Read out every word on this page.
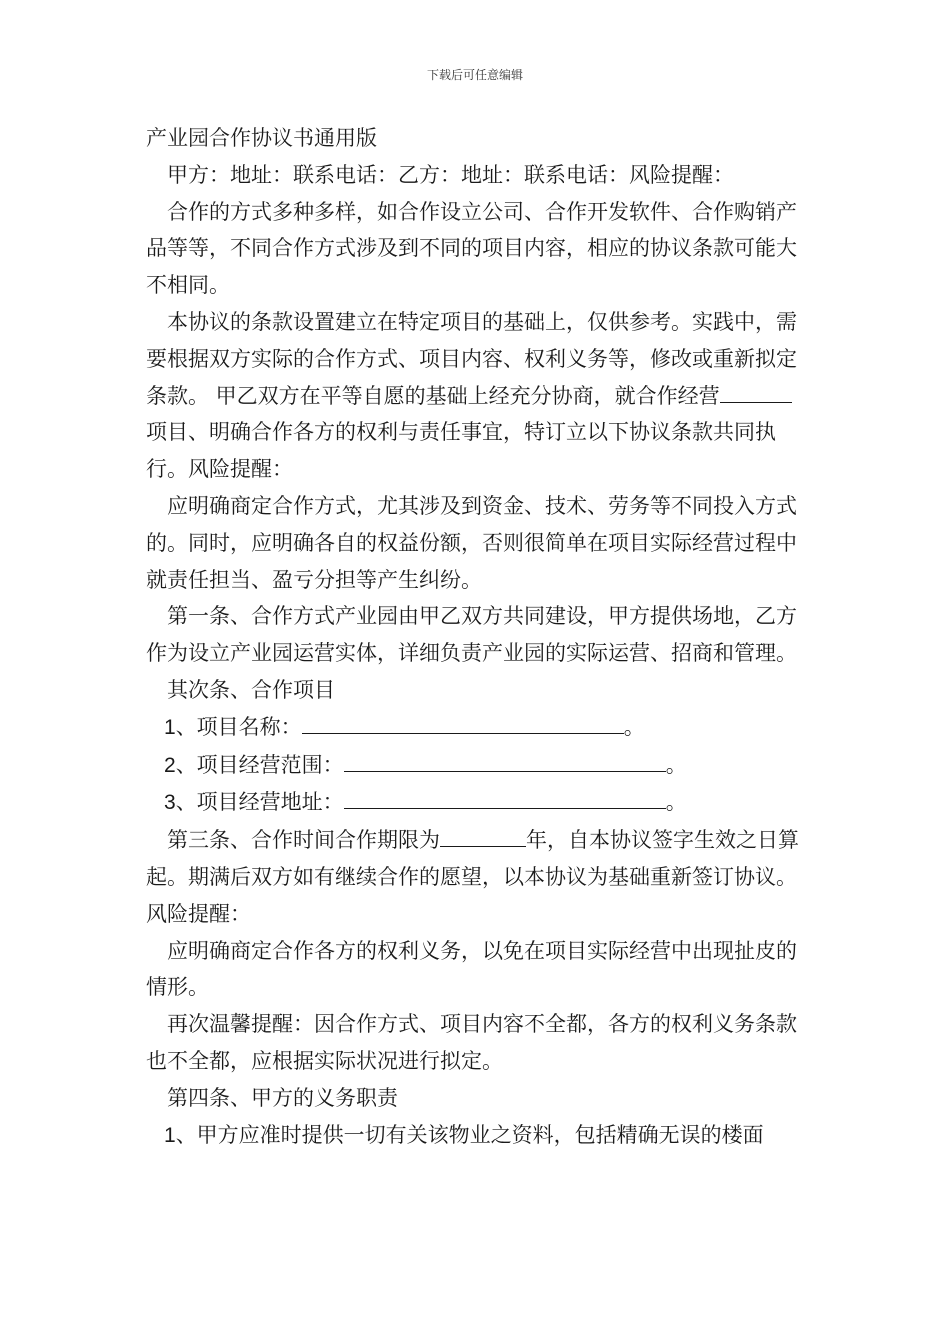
下载后可任意编辑

产业园合作协议书通用版

甲方：地址：联系电话：乙方：地址：联系电话：风险提醒：

合作的方式多种多样，如合作设立公司、合作开发软件、合作购销产品等等，不同合作方式涉及到不同的项目内容，相应的协议条款可能大不相同。

本协议的条款设置建立在特定项目的基础上，仅供参考。实践中，需要根据双方实际的合作方式、项目内容、权利义务等，修改或重新拟定条款。 甲乙双方在平等自愿的基础上经充分协商，就合作经营项目、明确合作各方的权利与责任事宜，特订立以下协议条款共同执行。风险提醒：

应明确商定合作方式，尤其涉及到资金、技术、劳务等不同投入方式的。同时，应明确各自的权益份额，否则很简单在项目实际经营过程中就责任担当、盈亏分担等产生纠纷。

第一条、合作方式产业园由甲乙双方共同建设，甲方提供场地，乙方作为设立产业园运营实体，详细负责产业园的实际运营、招商和管理。

其次条、合作项目

1、项目名称：	。

2、项目经营范围：	。

3、项目经营地址：	。

第三条、合作时间合作期限为	年，自本协议签字生效之日算起。期满后双方如有继续合作的愿望，以本协议为基础重新签订协议。风险提醒：

应明确商定合作各方的权利义务，以免在项目实际经营中出现扯皮的情形。

再次温馨提醒：因合作方式、项目内容不全都，各方的权利义务条款也不全都，应根据实际状况进行拟定。

第四条、甲方的义务职责

1、甲方应准时提供一切有关该物业之资料，包括精确无误的楼面
